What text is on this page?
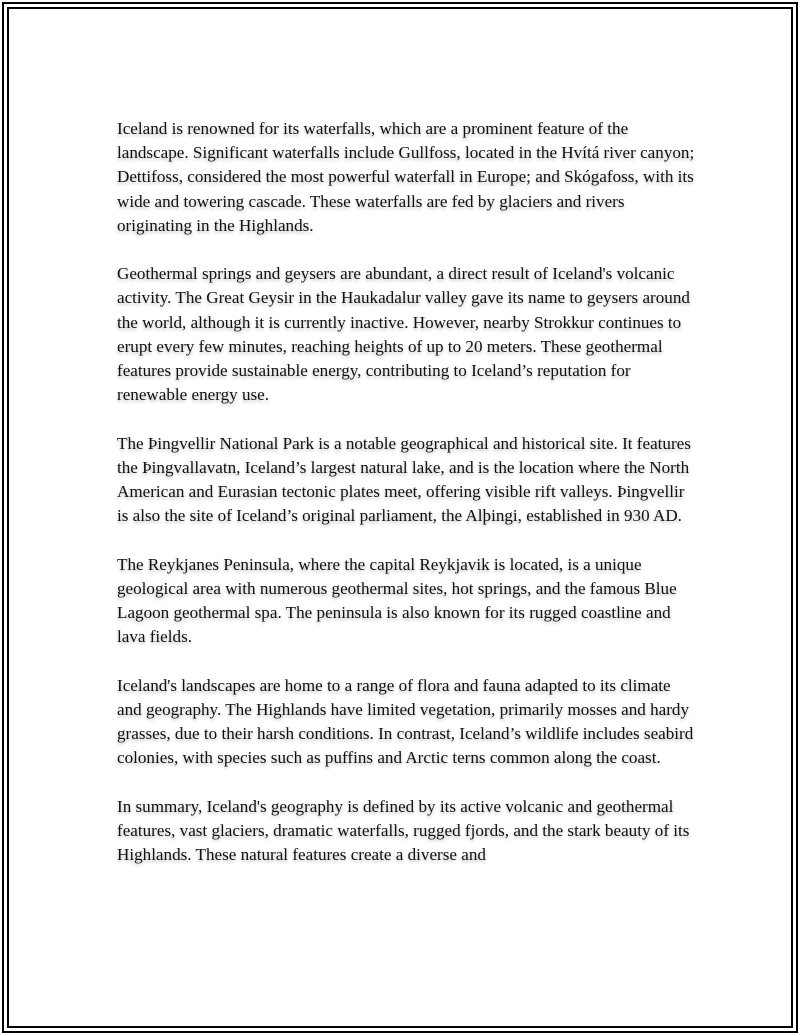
Iceland is renowned for its waterfalls, which are a prominent feature of the landscape. Significant waterfalls include Gullfoss, located in the Hvítá river canyon; Dettifoss, considered the most powerful waterfall in Europe; and Skógafoss, with its wide and towering cascade. These waterfalls are fed by glaciers and rivers originating in the Highlands.

Geothermal springs and geysers are abundant, a direct result of Iceland's volcanic activity. The Great Geysir in the Haukadalur valley gave its name to geysers around the world, although it is currently inactive. However, nearby Strokkur continues to erupt every few minutes, reaching heights of up to 20 meters. These geothermal features provide sustainable energy, contributing to Iceland’s reputation for renewable energy use.

The Þingvellir National Park is a notable geographical and historical site. It features the Þingvallavatn, Iceland’s largest natural lake, and is the location where the North American and Eurasian tectonic plates meet, offering visible rift valleys. Þingvellir is also the site of Iceland’s original parliament, the Alþingi, established in 930 AD.

The Reykjanes Peninsula, where the capital Reykjavik is located, is a unique geological area with numerous geothermal sites, hot springs, and the famous Blue Lagoon geothermal spa. The peninsula is also known for its rugged coastline and lava fields.

Iceland's landscapes are home to a range of flora and fauna adapted to its climate and geography. The Highlands have limited vegetation, primarily mosses and hardy grasses, due to their harsh conditions. In contrast, Iceland’s wildlife includes seabird colonies, with species such as puffins and Arctic terns common along the coast.

In summary, Iceland's geography is defined by its active volcanic and geothermal features, vast glaciers, dramatic waterfalls, rugged fjords, and the stark beauty of its Highlands. These natural features create a diverse and
